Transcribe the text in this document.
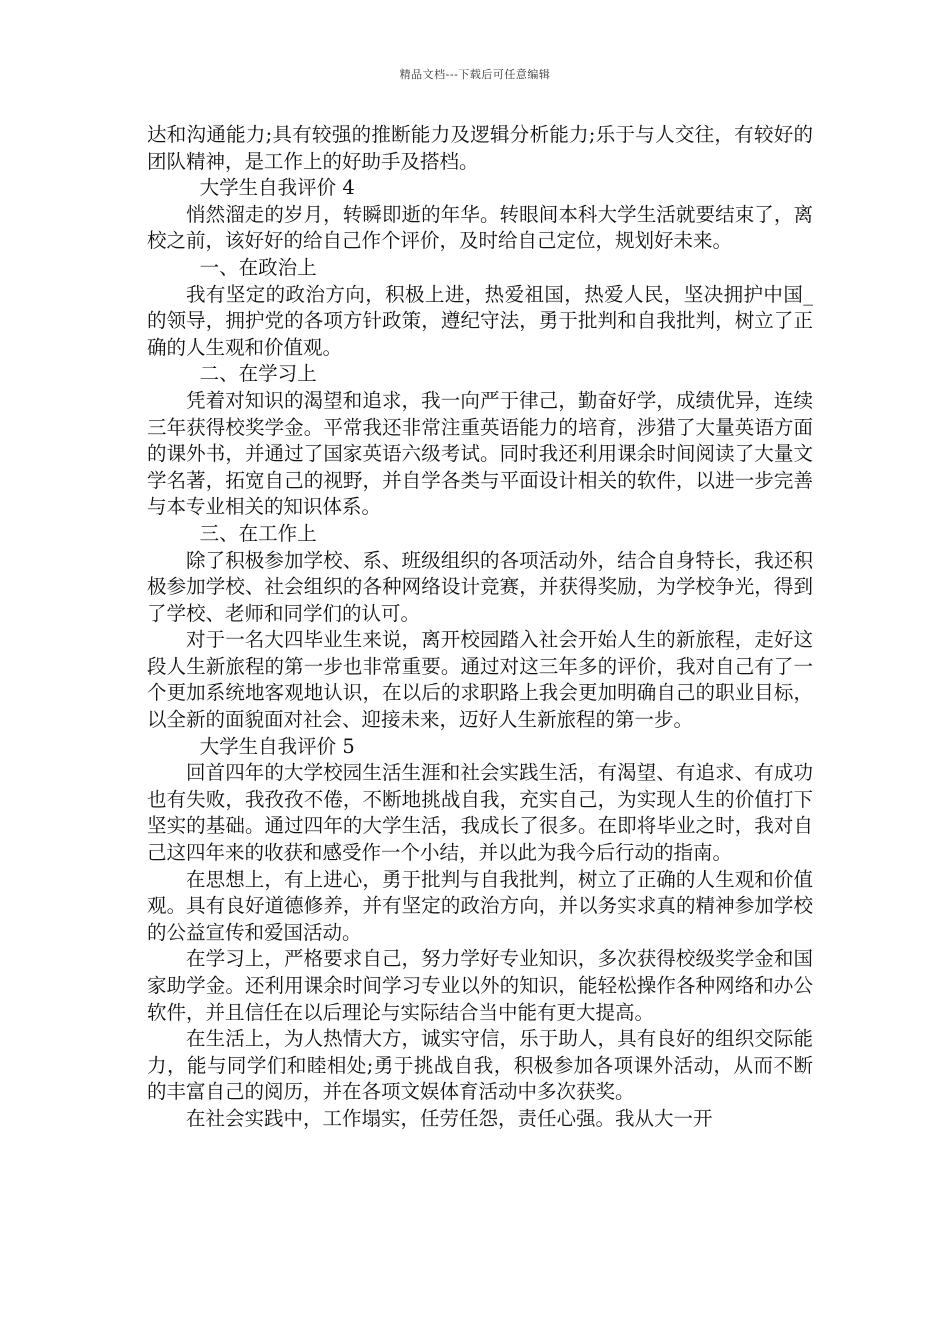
精品文档---下载后可任意编辑

达和沟通能力;具有较强的推断能力及逻辑分析能力;乐于与人交往，有较好的团队精神，是工作上的好助手及搭档。

大学生自我评价 4

悄然溜走的岁月，转瞬即逝的年华。转眼间本科大学生活就要结束了，离校之前，该好好的给自己作个评价，及时给自己定位，规划好未来。

一、在政治上

我有坚定的政治方向，积极上进，热爱祖国，热爱人民，坚决拥护中国_的领导，拥护党的各项方针政策，遵纪守法，勇于批判和自我批判，树立了正确的人生观和价值观。

二、在学习上

凭着对知识的渴望和追求，我一向严于律己，勤奋好学，成绩优异，连续三年获得校奖学金。平常我还非常注重英语能力的培育，涉猎了大量英语方面的课外书，并通过了国家英语六级考试。同时我还利用课余时间阅读了大量文学名著，拓宽自己的视野，并自学各类与平面设计相关的软件，以进一步完善与本专业相关的知识体系。

三、在工作上

除了积极参加学校、系、班级组织的各项活动外，结合自身特长，我还积极参加学校、社会组织的各种网络设计竞赛，并获得奖励，为学校争光，得到了学校、老师和同学们的认可。

对于一名大四毕业生来说，离开校园踏入社会开始人生的新旅程，走好这段人生新旅程的第一步也非常重要。通过对这三年多的评价，我对自己有了一个更加系统地客观地认识，在以后的求职路上我会更加明确自己的职业目标，以全新的面貌面对社会、迎接未来，迈好人生新旅程的第一步。

大学生自我评价 5

回首四年的大学校园生活生涯和社会实践生活，有渴望、有追求、有成功也有失败，我孜孜不倦，不断地挑战自我，充实自己，为实现人生的价值打下坚实的基础。通过四年的大学生活，我成长了很多。在即将毕业之时，我对自己这四年来的收获和感受作一个小结，并以此为我今后行动的指南。

在思想上，有上进心，勇于批判与自我批判，树立了正确的人生观和价值观。具有良好道德修养，并有坚定的政治方向，并以务实求真的精神参加学校的公益宣传和爱国活动。

在学习上，严格要求自己，努力学好专业知识，多次获得校级奖学金和国家助学金。还利用课余时间学习专业以外的知识，能轻松操作各种网络和办公软件，并且信任在以后理论与实际结合当中能有更大提高。

在生活上，为人热情大方，诚实守信，乐于助人，具有良好的组织交际能力，能与同学们和睦相处;勇于挑战自我，积极参加各项课外活动，从而不断的丰富自己的阅历，并在各项文娱体育活动中多次获奖。

在社会实践中，工作塌实，任劳任怨，责任心强。我从大一开
